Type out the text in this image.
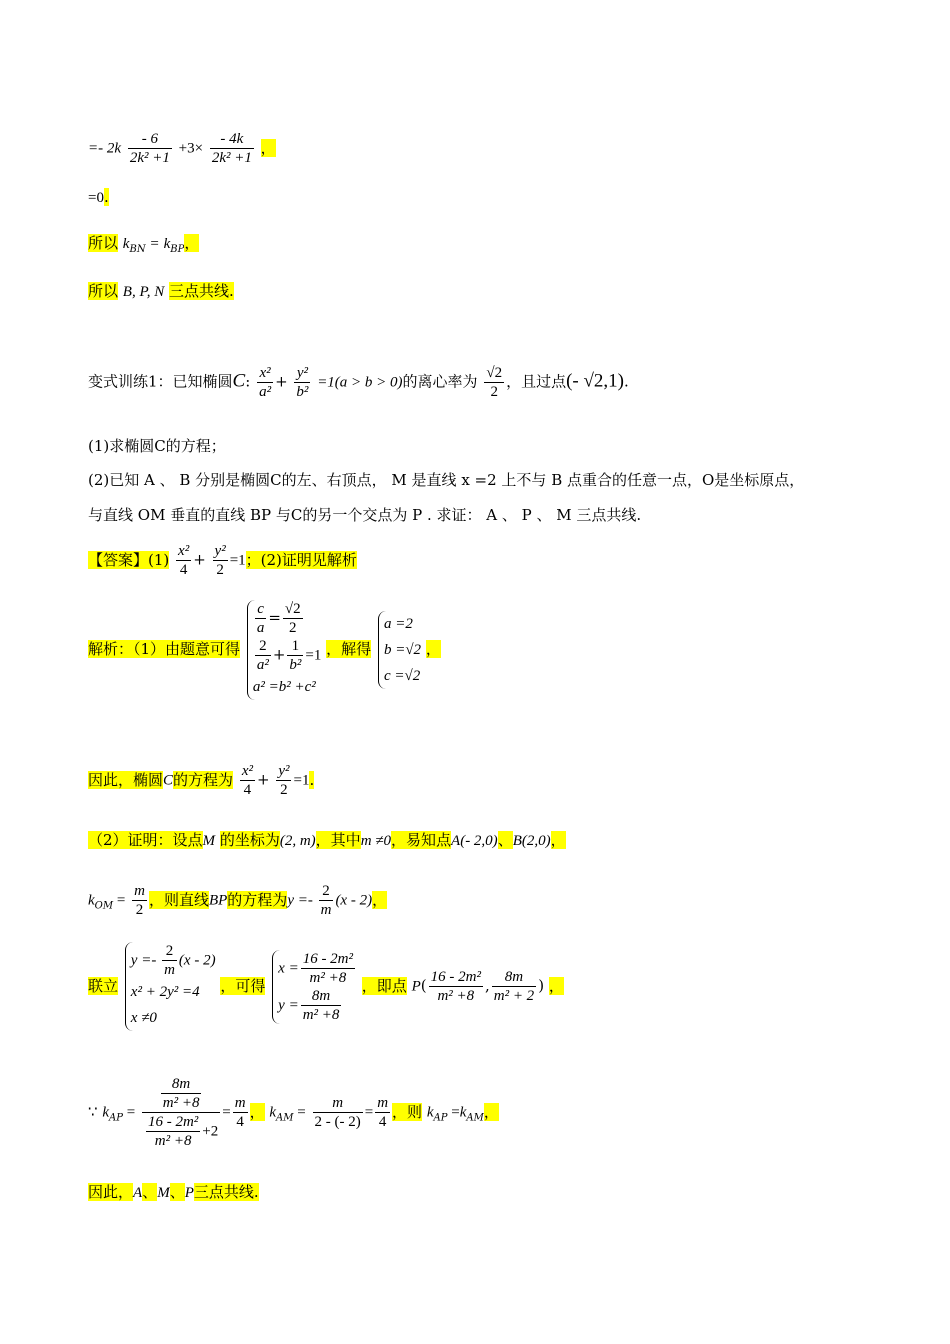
=- $2k \frac{- 6}{\text{2k² +1}} +3\times \frac{- 4k}{\text{2k² +1}}$ ，
=0.
所以 $k_{BN} = k_{BP}$，
所以 B, P, N 三点共线.
变式训练1：已知椭圆C: $\frac{\text{x²}}{\text{a²}} + \frac{\text{y²}}{\text{b²}} =1(a > b > 0)$的离心率为 $\frac{√2}{2}$ ，且过点(- √2,1).
(1)求椭圆C的方程；
(2)已知 A 、 B 分别是椭圆C的左、右顶点， M 是直线 x =2 上不与 B 点重合的任意一点，O是坐标原点，
与直线 OM 垂直的直线 BP 与C的另一个交点为 P . 求证： A 、 P 、 M 三点共线.
【答案】$(1) \frac{\text{x²}}{4} + \frac{\text{y²}}{2} =1$；(2)证明见解析
解析：（1）由题意可得
$\frac{c}{a} = \frac{√2}{2}$
$\frac{2}{\text{a²}} + \frac{1}{\text{b²}} =1$
a² =b² +c²
，解得
a =2
b =√2
c =√2
，
因此，椭圆C的方程为 $\frac{\text{x²}}{4} + \frac{\text{y²}}{2} =1$.
（2）证明：设点M 的坐标为(2, m)，其中m ≠0，易知点A(- 2,0)、B(2,0)，
$k_{OM} = \frac{m}{2}$ ，则直线BP的方程为$y =- \frac{2}{m} (x - 2)$，
联立
$y =- \frac{2}{m} (x - 2)$
x² + 2y² =4
x ≠0
，可得
$x = \frac{\text{16 - 2m²}}{\text{m² +8}}$
$y = \frac{8m}{\text{m² +8}}$
，即点 $P( \frac{\text{16 - 2m²}}{\text{m² +8}}$ , $\frac{8m}{\text{m² + 2}}$ ) ，
∵ $k_{AP} = \frac{\frac{8m}{\text{m² +8}}}{\frac{\text{16 - 2m²}}{\text{m² +8}} +2} = \frac{m}{4}$ ， $k_{AM} = \frac{m}{2 - (- 2)} = \frac{m}{4}$ ，则 $k_{AP} =k_{AM}$，
因此，A、M、P三点共线.
